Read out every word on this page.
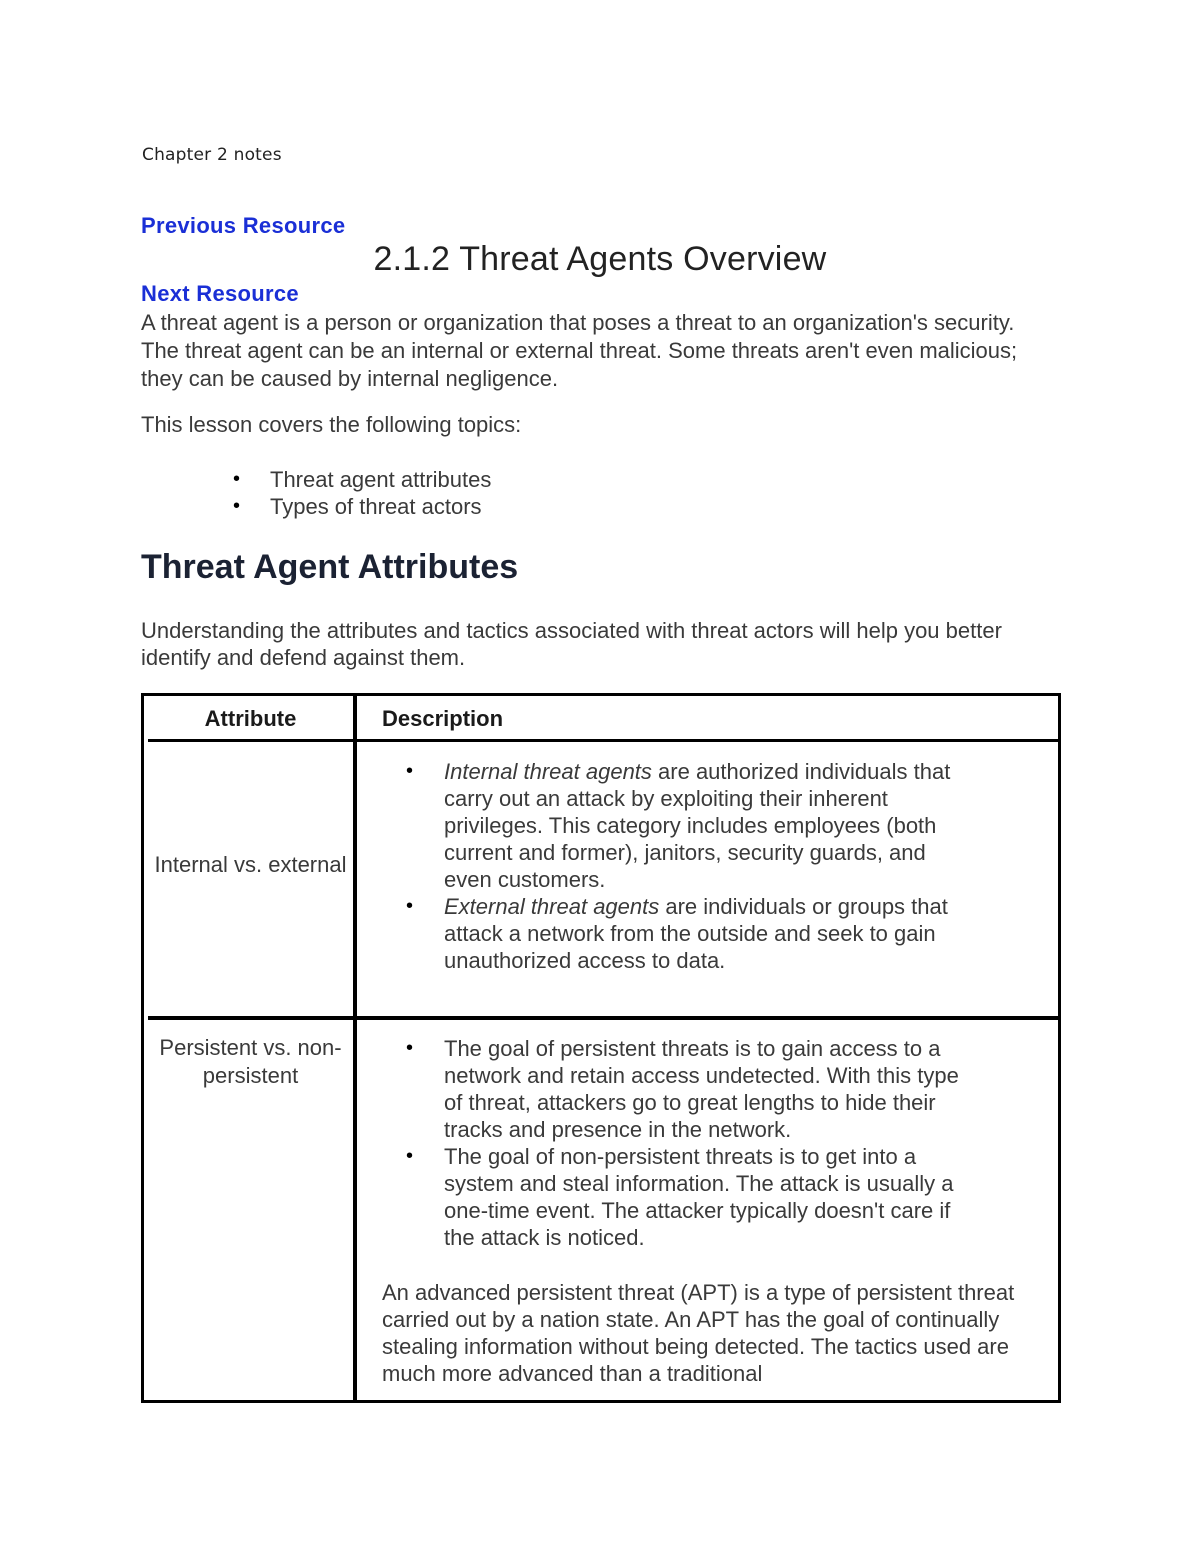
Chapter 2 notes
Previous Resource
2.1.2 Threat Agents Overview
Next Resource

A threat agent is a person or organization that poses a threat to an organization's security. The threat agent can be an internal or external threat. Some threats aren't even malicious; they can be caused by internal negligence.

This lesson covers the following topics:

• Threat agent attributes
• Types of threat actors
Threat Agent Attributes

Understanding the attributes and tactics associated with threat actors will help you better identify and defend against them.

Attribute	Description
Internal vs. external
• Internal threat agents are authorized individuals that carry out an attack by exploiting their inherent privileges. This category includes employees (both current and former), janitors, security guards, and even customers.
• External threat agents are individuals or groups that attack a network from the outside and seek to gain unauthorized access to data.
Persistent vs. non-persistent
• The goal of persistent threats is to gain access to a network and retain access undetected. With this type of threat, attackers go to great lengths to hide their tracks and presence in the network.
• The goal of non-persistent threats is to get into a system and steal information. The attack is usually a one-time event. The attacker typically doesn't care if the attack is noticed.

An advanced persistent threat (APT) is a type of persistent threat carried out by a nation state. An APT has the goal of continually stealing information without being detected. The tactics used are much more advanced than a traditional
